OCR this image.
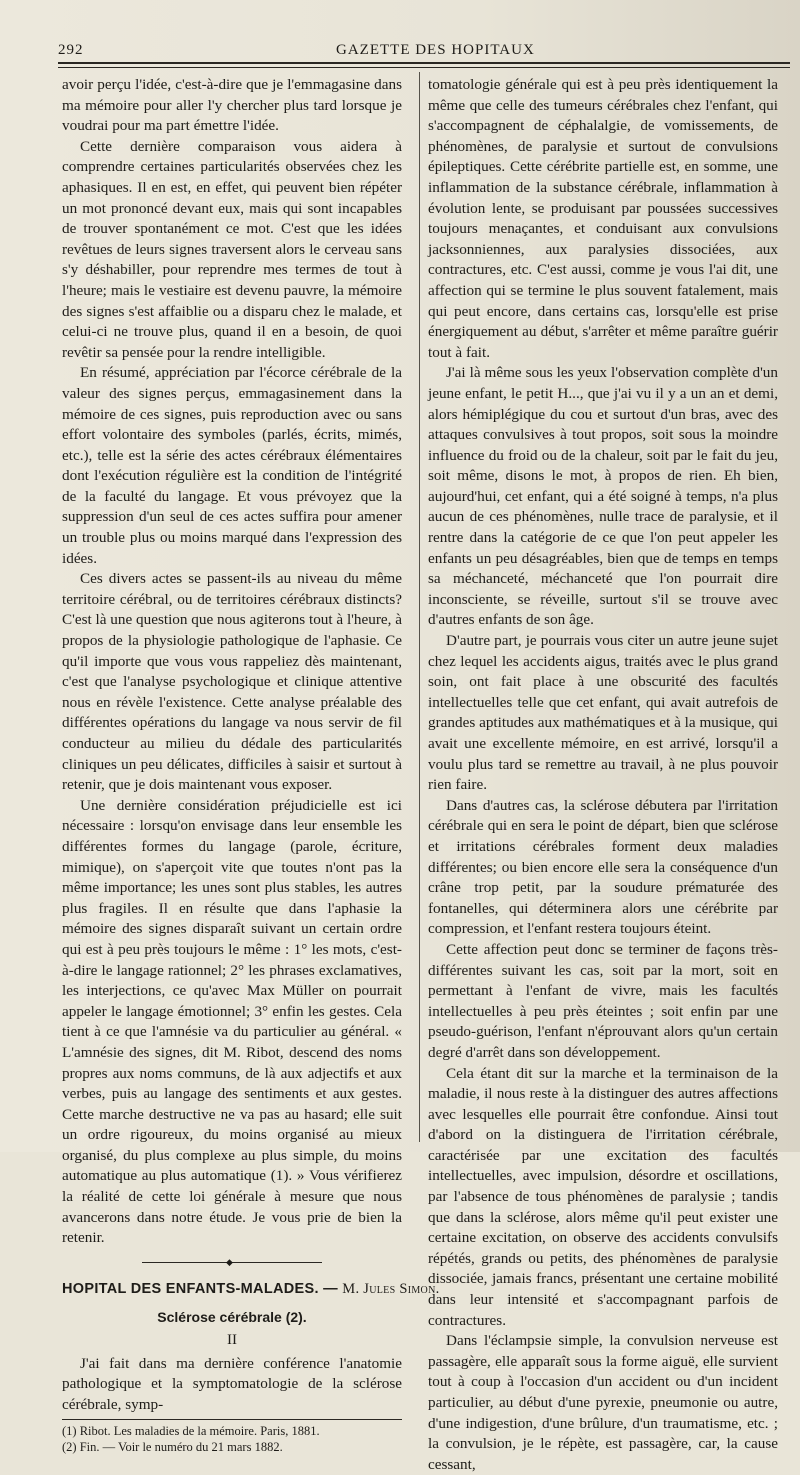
292	GAZETTE DES HOPITAUX

avoir perçu l'idée, c'est-à-dire que je l'emmagasine dans ma mémoire pour aller l'y chercher plus tard lorsque je voudrai pour ma part émettre l'idée.

Cette dernière comparaison vous aidera à comprendre certaines particularités observées chez les aphasiques. Il en est, en effet, qui peuvent bien répéter un mot prononcé devant eux, mais qui sont incapables de trouver spontanément ce mot. C'est que les idées revêtues de leurs signes traversent alors le cerveau sans s'y déshabiller, pour reprendre mes termes de tout à l'heure; mais le vestiaire est devenu pauvre, la mémoire des signes s'est affaiblie ou a disparu chez le malade, et celui-ci ne trouve plus, quand il en a besoin, de quoi revêtir sa pensée pour la rendre intelligible.

En résumé, appréciation par l'écorce cérébrale de la valeur des signes perçus, emmagasinement dans la mémoire de ces signes, puis reproduction avec ou sans effort volontaire des symboles (parlés, écrits, mimés, etc.), telle est la série des actes cérébraux élémentaires dont l'exécution régulière est la condition de l'intégrité de la faculté du langage. Et vous prévoyez que la suppression d'un seul de ces actes suffira pour amener un trouble plus ou moins marqué dans l'expression des idées.

Ces divers actes se passent-ils au niveau du même territoire cérébral, ou de territoires cérébraux distincts? C'est là une question que nous agiterons tout à l'heure, à propos de la physiologie pathologique de l'aphasie. Ce qu'il importe que vous vous rappeliez dès maintenant, c'est que l'analyse psychologique et clinique attentive nous en révèle l'existence. Cette analyse préalable des différentes opérations du langage va nous servir de fil conducteur au milieu du dédale des particularités cliniques un peu délicates, difficiles à saisir et surtout à retenir, que je dois maintenant vous exposer.

Une dernière considération préjudicielle est ici nécessaire : lorsqu'on envisage dans leur ensemble les différentes formes du langage (parole, écriture, mimique), on s'aperçoit vite que toutes n'ont pas la même importance; les unes sont plus stables, les autres plus fragiles. Il en résulte que dans l'aphasie la mémoire des signes disparaît suivant un certain ordre qui est à peu près toujours le même : 1° les mots, c'est-à-dire le langage rationnel; 2° les phrases exclamatives, les interjections, ce qu'avec Max Müller on pourrait appeler le langage émotionnel; 3° enfin les gestes. Cela tient à ce que l'amnésie va du particulier au général. « L'amnésie des signes, dit M. Ribot, descend des noms propres aux noms communs, de là aux adjectifs et aux verbes, puis au langage des sentiments et aux gestes. Cette marche destructive ne va pas au hasard; elle suit un ordre rigoureux, du moins organisé au mieux organisé, du plus complexe au plus simple, du moins automatique au plus automatique (1). » Vous vérifierez la réalité de cette loi générale à mesure que nous avancerons dans notre étude. Je vous prie de bien la retenir.

◆
HOPITAL DES ENFANTS-MALADES. — M. Jules Simon.
Sclérose cérébrale (2).
II

J'ai fait dans ma dernière conférence l'anatomie pathologique et la symptomatologie de la sclérose cérébrale, symp-

(1) Ribot. Les maladies de la mémoire. Paris, 1881.
(2) Fin. — Voir le numéro du 21 mars 1882.

tomatologie générale qui est à peu près identiquement la même que celle des tumeurs cérébrales chez l'enfant, qui s'accompagnent de céphalalgie, de vomissements, de phénomènes, de paralysie et surtout de convulsions épileptiques. Cette cérébrite partielle est, en somme, une inflammation de la substance cérébrale, inflammation à évolution lente, se produisant par poussées successives toujours menaçantes, et conduisant aux convulsions jacksonniennes, aux paralysies dissociées, aux contractures, etc. C'est aussi, comme je vous l'ai dit, une affection qui se termine le plus souvent fatalement, mais qui peut encore, dans certains cas, lorsqu'elle est prise énergiquement au début, s'arrêter et même paraître guérir tout à fait.

J'ai là même sous les yeux l'observation complète d'un jeune enfant, le petit H..., que j'ai vu il y a un an et demi, alors hémiplégique du cou et surtout d'un bras, avec des attaques convulsives à tout propos, soit sous la moindre influence du froid ou de la chaleur, soit par le fait du jeu, soit même, disons le mot, à propos de rien. Eh bien, aujourd'hui, cet enfant, qui a été soigné à temps, n'a plus aucun de ces phénomènes, nulle trace de paralysie, et il rentre dans la catégorie de ce que l'on peut appeler les enfants un peu désagréables, bien que de temps en temps sa méchanceté, méchanceté que l'on pourrait dire inconsciente, se réveille, surtout s'il se trouve avec d'autres enfants de son âge.

D'autre part, je pourrais vous citer un autre jeune sujet chez lequel les accidents aigus, traités avec le plus grand soin, ont fait place à une obscurité des facultés intellectuelles telle que cet enfant, qui avait autrefois de grandes aptitudes aux mathématiques et à la musique, qui avait une excellente mémoire, en est arrivé, lorsqu'il a voulu plus tard se remettre au travail, à ne plus pouvoir rien faire.

Dans d'autres cas, la sclérose débutera par l'irritation cérébrale qui en sera le point de départ, bien que sclérose et irritations cérébrales forment deux maladies différentes; ou bien encore elle sera la conséquence d'un crâne trop petit, par la soudure prématurée des fontanelles, qui déterminera alors une cérébrite par compression, et l'enfant restera toujours éteint.

Cette affection peut donc se terminer de façons très-différentes suivant les cas, soit par la mort, soit en permettant à l'enfant de vivre, mais les facultés intellectuelles à peu près éteintes ; soit enfin par une pseudo-guérison, l'enfant n'éprouvant alors qu'un certain degré d'arrêt dans son développement.

Cela étant dit sur la marche et la terminaison de la maladie, il nous reste à la distinguer des autres affections avec lesquelles elle pourrait être confondue. Ainsi tout d'abord on la distinguera de l'irritation cérébrale, caractérisée par une excitation des facultés intellectuelles, avec impulsion, désordre et oscillations, par l'absence de tous phénomènes de paralysie ; tandis que dans la sclérose, alors même qu'il peut exister une certaine excitation, on observe des accidents convulsifs répétés, grands ou petits, des phénomènes de paralysie dissociée, jamais francs, présentant une certaine mobilité dans leur intensité et s'accompagnant parfois de contractures.

Dans l'éclampsie simple, la convulsion nerveuse est passagère, elle apparaît sous la forme aiguë, elle survient tout à coup à l'occasion d'un accident ou d'un incident particulier, au début d'une pyrexie, pneumonie ou autre, d'une indigestion, d'une brûlure, d'un traumatisme, etc. ; la convulsion, je le répète, est passagère, car, la cause cessant,
